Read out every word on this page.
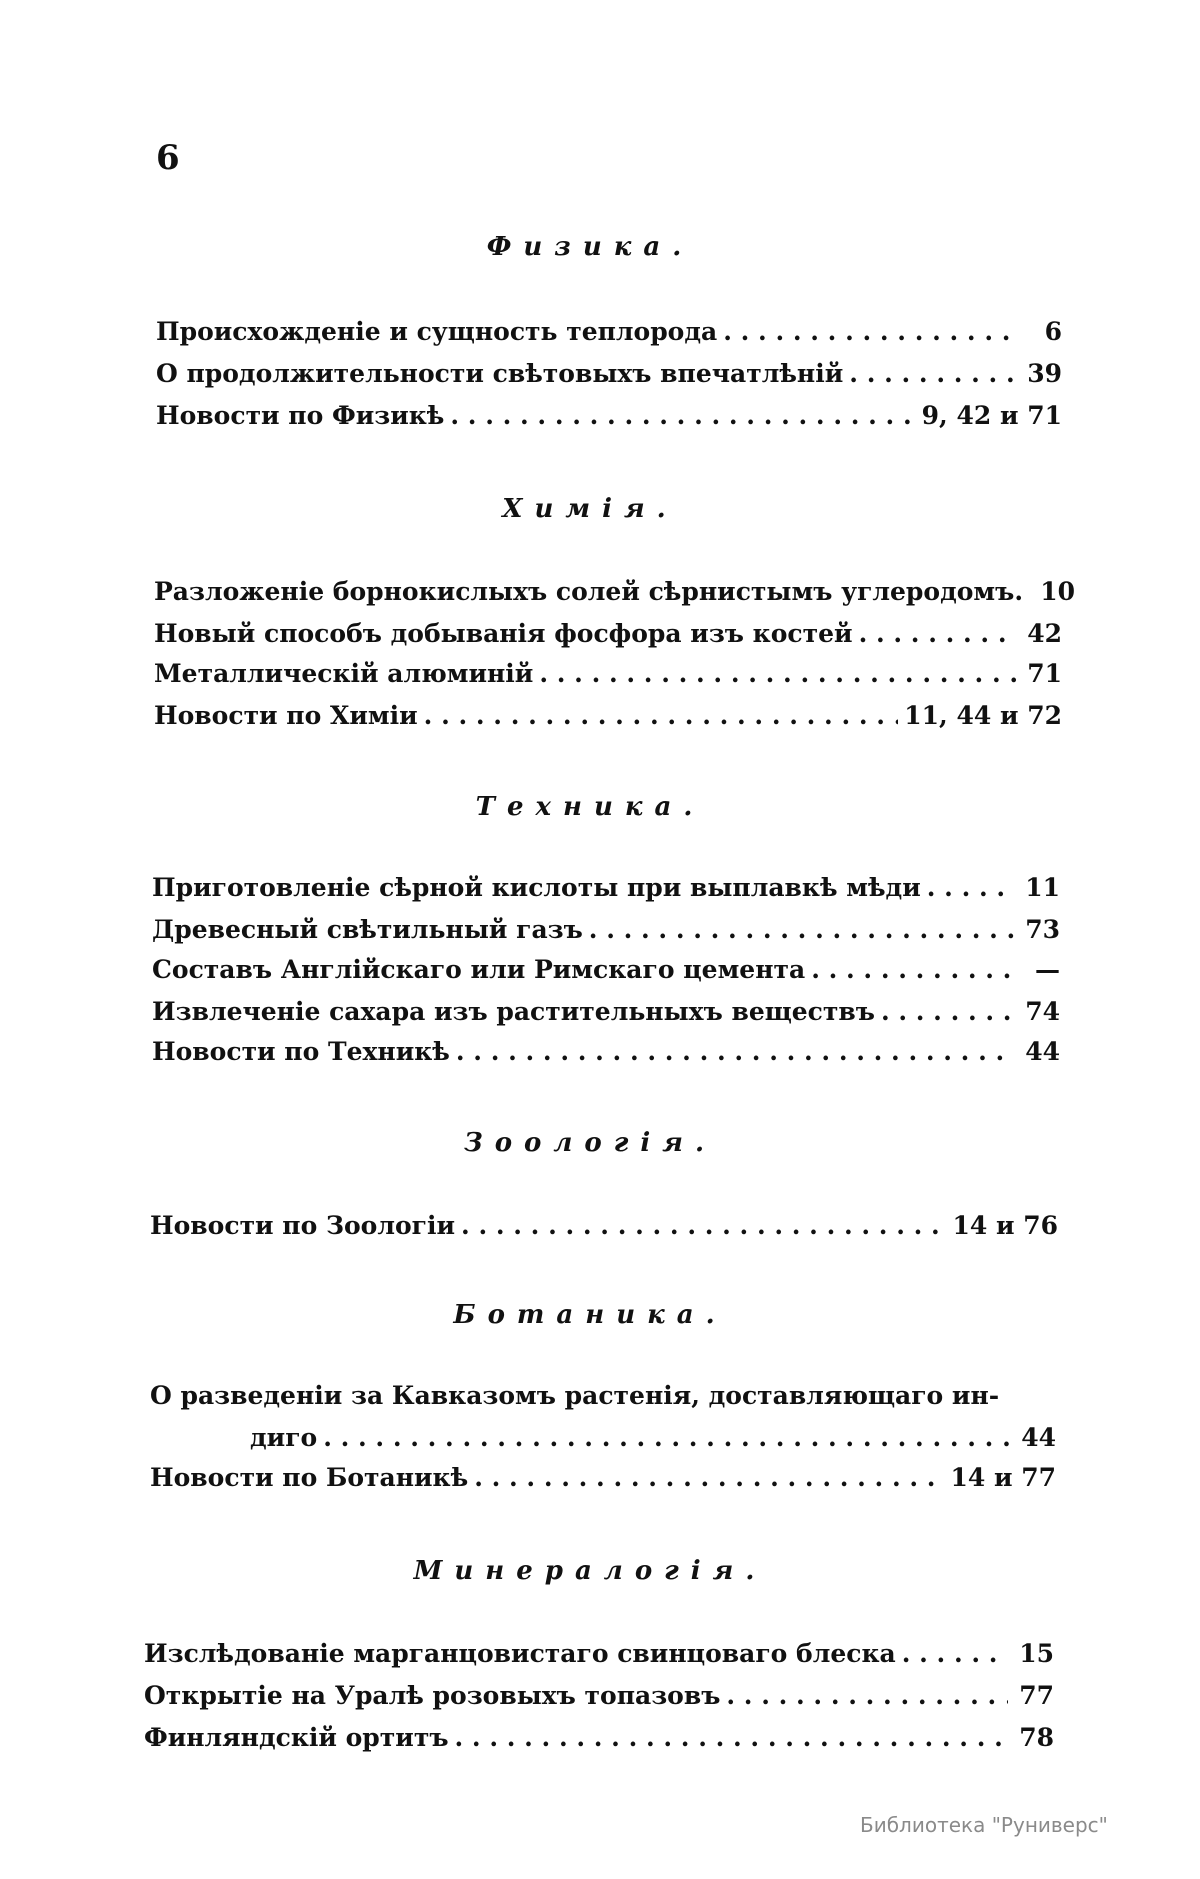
6
Физика.
Происхожденіе и сущность теплорода . . .	6
О продолжительности свѣтовыхъ впечатлѣній . . .	39
Новости по Физикѣ . . .	9, 42 и 71
Химія.
Разложеніе борнокислыхъ солей сѣрнистымъ углеродомъ. 10
Новый способъ добыванія фосфора изъ костей . . .	42
Металлическій алюминій . . .	71
Новости по Химіи . . .	11, 44 и 72
Техника.
Приготовленіе сѣрной кислоты при выплавкѣ мѣди . . .	11
Древесный свѣтильный газъ . . .	73
Составъ Англійскаго или Римскаго цемента . . .	—
Извлеченіе сахара изъ растительныхъ веществъ . . .	74
Новости по Техникѣ . . .	44
Зоологія.
Новости по Зоологіи . . .	14 и 76
Ботаника.
О разведеніи за Кавказомъ растенія, доставляющаго ин-
диго . . .	44
Новости по Ботаникѣ . . .	14 и 77
Минералогія.
Изслѣдованіе марганцовистаго свинцоваго блеска . . .	15
Открытіе на Уралѣ розовыхъ топазовъ . . .	77
Финляндскій ортитъ . . .	78
Библиотека "Руниверс"
